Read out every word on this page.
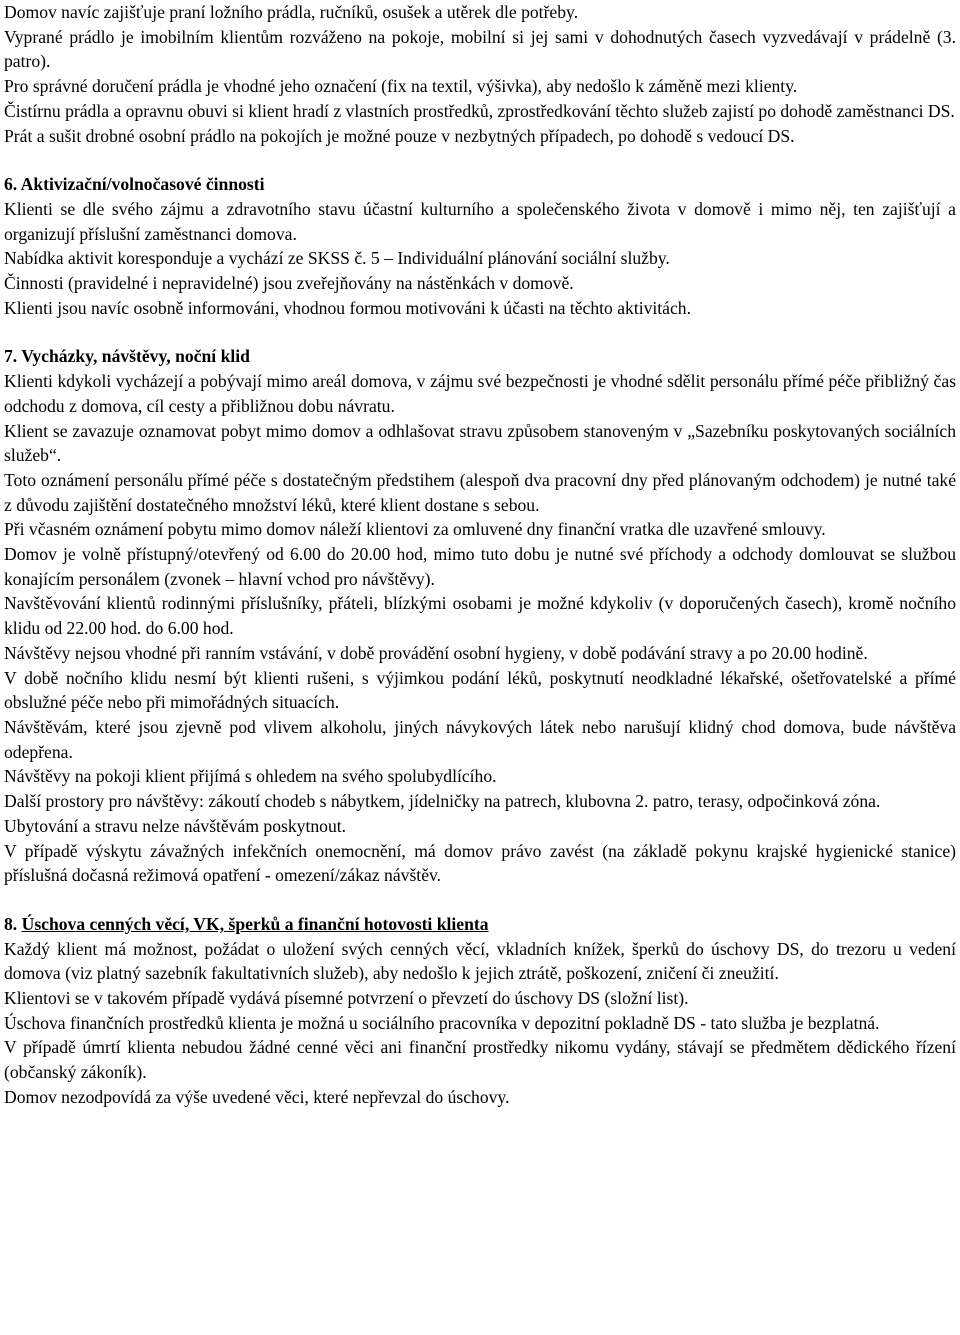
Domov navíc zajišťuje praní ložního prádla, ručníků, osušek a utěrek dle potřeby.

Vyprané prádlo je imobilním klientům rozváženo na pokoje, mobilní si jej sami v dohodnutých časech vyzvedávají v prádelně (3. patro).

Pro správné doručení prádla je vhodné jeho označení (fix na textil, výšivka), aby nedošlo k záměně mezi klienty.

Čistírnu prádla a opravnu obuvi si klient hradí z vlastních prostředků, zprostředkování těchto služeb zajistí po dohodě zaměstnanci DS.

Prát a sušit drobné osobní prádlo na pokojích je možné pouze v nezbytných případech, po dohodě s vedoucí DS.

6. Aktivizační/volnočasové činnosti

Klienti se dle svého zájmu a zdravotního stavu účastní kulturního a společenského života v domově i mimo něj, ten zajišťují a organizují příslušní zaměstnanci domova.

Nabídka aktivit koresponduje a vychází ze SKSS č. 5 – Individuální plánování sociální služby.

Činnosti (pravidelné i nepravidelné) jsou zveřejňovány na nástěnkách v domově.

Klienti jsou navíc osobně informováni, vhodnou formou motivováni k účasti na těchto aktivitách.

7. Vycházky, návštěvy, noční klid

Klienti kdykoli vycházejí a pobývají mimo areál domova, v zájmu své bezpečnosti je vhodné sdělit personálu přímé péče přibližný čas odchodu z domova, cíl cesty a přibližnou dobu návratu.

Klient se zavazuje oznamovat pobyt mimo domov a odhlašovat stravu způsobem stanoveným v „Sazebníku poskytovaných sociálních služeb“.

Toto oznámení personálu přímé péče s dostatečným předstihem (alespoň dva pracovní dny před plánovaným odchodem) je nutné také z důvodu zajištění dostatečného množství léků, které klient dostane s sebou.

Při včasném oznámení pobytu mimo domov náleží klientovi za omluvené dny finanční vratka dle uzavřené smlouvy.

Domov je volně přístupný/otevřený od 6.00 do 20.00 hod, mimo tuto dobu je nutné své příchody a odchody domlouvat se službou konajícím personálem (zvonek – hlavní vchod pro návštěvy).

Navštěvování klientů rodinnými příslušníky, přáteli, blízkými osobami je možné kdykoliv (v doporučených časech), kromě nočního klidu od 22.00 hod. do 6.00 hod.

Návštěvy nejsou vhodné při ranním vstávání, v době provádění osobní hygieny, v době podávání stravy a po 20.00 hodině.

V době nočního klidu nesmí být klienti rušeni, s výjimkou podání léků, poskytnutí neodkladné lékařské, ošetřovatelské a přímé obslužné péče nebo při mimořádných situacích.

Návštěvám, které jsou zjevně pod vlivem alkoholu, jiných návykových látek nebo narušují klidný chod domova, bude návštěva odepřena.

Návštěvy na pokoji klient přijímá s ohledem na svého spolubydlícího.

Další prostory pro návštěvy: zákoutí chodeb s nábytkem, jídelničky na patrech, klubovna 2. patro, terasy, odpočinková zóna.

Ubytování a stravu nelze návštěvám poskytnout.

V případě výskytu závažných infekčních onemocnění, má domov právo zavést (na základě pokynu krajské hygienické stanice) příslušná dočasná režimová opatření - omezení/zákaz návštěv.

8. Úschova cenných věcí, VK, šperků a finanční hotovosti klienta

Každý klient má možnost, požádat o uložení svých cenných věcí, vkladních knížek, šperků do úschovy DS, do trezoru u vedení domova (viz platný sazebník fakultativních služeb), aby nedošlo k jejich ztrátě, poškození, zničení či zneužití.

Klientovi se v takovém případě vydává písemné potvrzení o převzetí do úschovy DS (složní list).

Úschova finančních prostředků klienta je možná u sociálního pracovníka v depozitní pokladně DS - tato služba je bezplatná.

V případě úmrtí klienta nebudou žádné cenné věci ani finanční prostředky nikomu vydány, stávají se předmětem dědického řízení (občanský zákoník).

Domov nezodpovídá za výše uvedené věci, které nepřevzal do úschovy.
